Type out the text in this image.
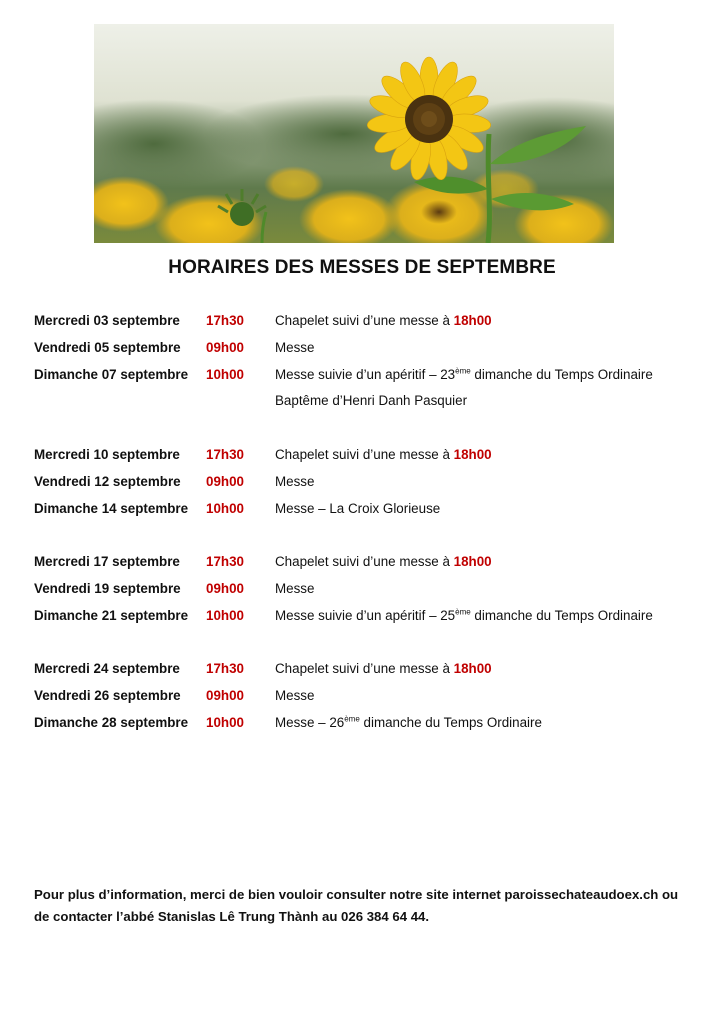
HORAIRES DES MESSES DE SEPTEMBRE
Mercredi 03 septembre 17h30 Chapelet suivi d’une messe à 18h00
Vendredi 05 septembre 09h00 Messe
Dimanche 07 septembre 10h00 Messe suivie d’un apéritif – 23ème dimanche du Temps Ordinaire
Baptême d’Henri Danh Pasquier
Mercredi 10 septembre 17h30 Chapelet suivi d’une messe à 18h00
Vendredi 12 septembre 09h00 Messe
Dimanche 14 septembre 10h00 Messe – La Croix Glorieuse
Mercredi 17 septembre 17h30 Chapelet suivi d’une messe à 18h00
Vendredi 19 septembre 09h00 Messe
Dimanche 21 septembre 10h00 Messe suivie d’un apéritif – 25ème dimanche du Temps Ordinaire
Mercredi 24 septembre 17h30 Chapelet suivi d’une messe à 18h00
Vendredi 26 septembre 09h00 Messe
Dimanche 28 septembre 10h00 Messe – 26ème dimanche du Temps Ordinaire
Pour plus d’information, merci de bien vouloir consulter notre site internet paroissechateaudoex.ch ou de contacter l’abbé Stanislas Lê Trung Thành au 026 384 64 44.
